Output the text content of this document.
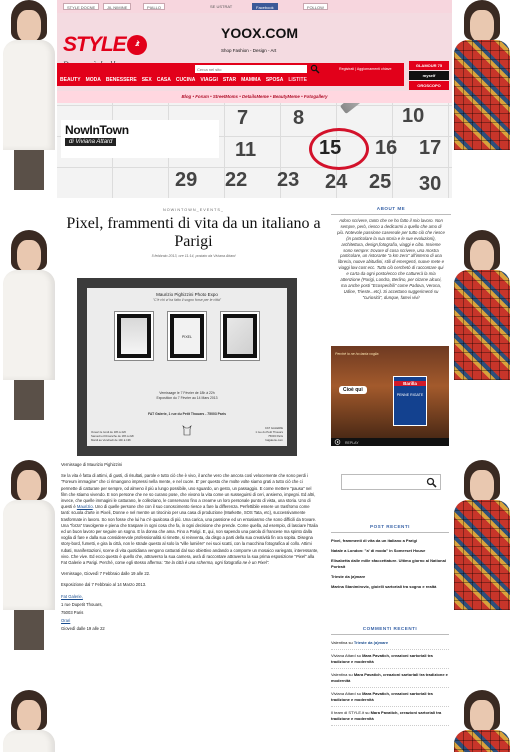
STYLE DOCNE	JIL NIMINE	PIALLO	SE USTRAT	Facebook	FOLLOW
STYLE .it
YOOX.COM
Shop Fashion - Design - Art
Cerca nel sito
Registrati | Aggiornamenti chiave
BEAUTY MODA BENESSERE SEX CASA CUCINA VIAGGI STAR MAMMA SPOSA LISTITE
GLAMOUR 75
myself
OROSCOPO
Blog • Forum • StreetMoms • DetailsMeme • BeautyMeme • Fotogallery
7 8	10
11	15 16 17
22 23 24 25
29	30
NowInTown
di Viviana Attard
NOWINTOWN_EVENTS_
Pixel, frammenti di vita da un italiano a Parigi
5 febbraio 2013, ore 11:14, postato da Viviana Attard
Maurizio Pighizzini Photo Expo
"C'è chi vi ha fatto il sogno forse per le città"
PIXEL
Vernissage le 7 Février de 18h à 22h
Exposition du 7 Février au 14 Mars 2013
FAT Galerie, 1 rue du Petit Thouars - 75003 Paris
Ouvert le lundi de 18h à 22h
Samedi et Dimanche de 18h à 22h
Mardi au Vendredi de 14h à 19h
FAT GALERIE
1 rue du Petit Thouars
75003 Paris
fatgalerie.com

Vernissage di Maurizio Pighizzini

Se la vita è fatta di attimi, di gusti, di risultati, parole e tutto ciò che è vivo, il anche vero che ancora così velocemente che sono perdi i "Foreum immagine" che ci rimangono impressi nella mente, e nel cuore. E' per questo che molte volte siamo grati a tutto ciò che ci permette di catturare per sempre, od almeno il più a lungo possibile, uno sguardo, un gesto, un passaggio. E come mettere "pausa" nel film che stiamo vivendo. E non persone che ne so curano pose, che vivono la vita come un susseguirsi di ceri, ansiemo, impegni. Ed altri, invece, che quelle immagini le catturano, le colleziano, le conservano fino a crearne un loro personale punto di vista, una storia. Uno di questi è Maurizio. Uno di quelle persone che con il suo conoscimento riesce a fare la differenza. Perfettibile essere un trasfromo come tanti: scuola d'arte in Pixeli, Donne e nel mentre un tirocinio per una casa di produzione (Markette, SOS Tata, etc), successivamente trasformate in lavoro. So non fosse che lui ha c'è qualcosa di più. Una carica, una passione ed un entusiasmo che sono difficili da trovare. Una "forza" travolgente e piena che traspare in ogni cosa che fa, in ogni decisione che prende. Come quella, ad esempio, di lasciare l'Italia ed un buon lavoro per seguire un sogno. E la donna che ama. Fino a Parigi. E, qui, non sapendo una parola di francese ma spinto dalla voglia di fare e dalla sua considerevole professionalità si rimette, si reinventa, da disgo a parti della sua creatività fin ora sopita. Disegna story-bord, fumetti, e gira la città, non le strade questo al solo la "ville lumière" nei suoi scatti, con la macchina fotografica al collo. Attimi rubati, manifestazioni, scene di vita quotidiana vengono catturati dal suo obiettivo andando a comporre un mosaico variegato, interessante, vivo. Che vive. Ed ecco questo è quello che, attraverso la sua camera, avrà di raccontare attraverso la sua prima esposizione "Pixel" alla Fat Galerie a Parigi. Perché, come egli stesso afferma: "Se la città è una scherma, ogni fotografia ne è un Pixel".

Vernissage, Giovedì 7 Febbraio dalle 19 alle 22.

Esposizione dal 7 Febbraio al 14 Marzo 2013.

Fat Galerie,

1 rue Dupetit Thouars,

75003 Paris

Orari

Giovedì dalle 19 alle 22

ABOUT ME
Adoro scrivere, tanto che ne ho fatto il mio lavoro. Non sempre, però, riesco a dedicarmi a quello che amo di più. Notevole passione casereale per tutto ciò che riesce (in particolare la sua storia e le sue evoluzioni), architettura, design,fotografia, viaggi e cibo. Insieme sono sempre: trovare di cosa scrivere, una mostra particolare, un ristorante "a km zero" all'interno di una libreria, nuove abitudini, stili di emergenti, nuove mete e viaggi low cost ecc. Tutto ciò cerchetò di raccontare qui e carta da ogni posto/ecco che catturerà la mia attenzione (Parigi, Londra, Berlino, per citarne alcuni, ma anche posti "Ecosperibili" come Padova, Verona, Udine, Trieste...etc). Si accettano suggerimenti su "curiosità", dunque, fatevi vivi!
Perché io ne ho tanta voglia
Cioè qui
Barilla
PENNE RIGATE
REPLAY
POST RECENTI
Pixel, frammenti di vita da un italiano a Parigi
Natale a London: "a' di moda" in Somerset House
Elisabetta dalle mille sfaccettature. Ultimo giorno al National Portrait
Trieste da (a)mare
Marina Stanimirovic, gioielli sartoriali tra sogno e realtà
COMMENTI RECENTI
Valentina su Trieste da (a)mare
Viviana Attard su Mara Pavatich, creazioni sartoriali tra tradizione e modernità
Valentina su Mara Pavatich, creazioni sartoriali tra tradizione e modernità
Viviana Attard su Mara Pavatich, creazioni sartoriali tra tradizione e modernità
Il team di STYLE.it su Mara Pavatich, creazioni sartoriali tra tradizione e modernità
